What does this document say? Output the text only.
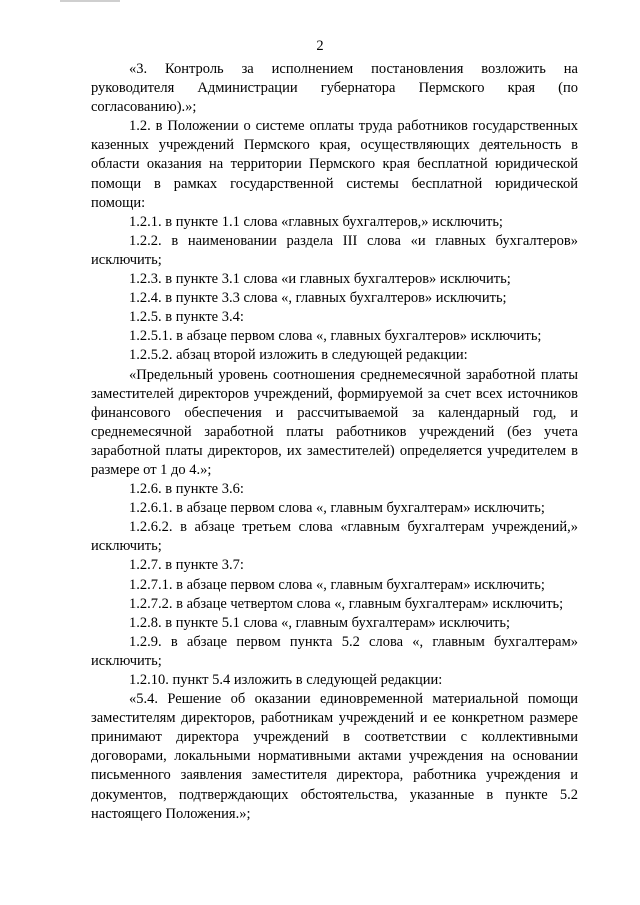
2

«3. Контроль за исполнением постановления возложить на руководителя Администрации губернатора Пермского края (по согласованию).»;

1.2. в Положении о системе оплаты труда работников государственных казенных учреждений Пермского края, осуществляющих деятельность в области оказания на территории Пермского края бесплатной юридической помощи в рамках государственной системы бесплатной юридической помощи:

1.2.1. в пункте 1.1 слова «главных бухгалтеров,» исключить;

1.2.2. в наименовании раздела III слова «и главных бухгалтеров» исключить;

1.2.3. в пункте 3.1 слова «и главных бухгалтеров» исключить;

1.2.4. в пункте 3.3 слова «, главных бухгалтеров» исключить;

1.2.5. в пункте 3.4:

1.2.5.1. в абзаце первом слова «, главных бухгалтеров» исключить;

1.2.5.2. абзац второй изложить в следующей редакции:

«Предельный уровень соотношения среднемесячной заработной платы заместителей директоров учреждений, формируемой за счет всех источников финансового обеспечения и рассчитываемой за календарный год, и среднемесячной заработной платы работников учреждений (без учета заработной платы директоров, их заместителей) определяется учредителем в размере от 1 до 4.»;

1.2.6. в пункте 3.6:

1.2.6.1. в абзаце первом слова «, главным бухгалтерам» исключить;

1.2.6.2. в абзаце третьем слова «главным бухгалтерам учреждений,» исключить;

1.2.7. в пункте 3.7:

1.2.7.1. в абзаце первом слова «, главным бухгалтерам» исключить;

1.2.7.2. в абзаце четвертом слова «, главным бухгалтерам» исключить;

1.2.8. в пункте 5.1 слова «, главным бухгалтерам» исключить;

1.2.9. в абзаце первом пункта 5.2 слова «, главным бухгалтерам» исключить;

1.2.10. пункт 5.4 изложить в следующей редакции:

«5.4. Решение об оказании единовременной материальной помощи заместителям директоров, работникам учреждений и ее конкретном размере принимают директора учреждений в соответствии с коллективными договорами, локальными нормативными актами учреждения на основании письменного заявления заместителя директора, работника учреждения и документов, подтверждающих обстоятельства, указанные в пункте 5.2 настоящего Положения.»;
